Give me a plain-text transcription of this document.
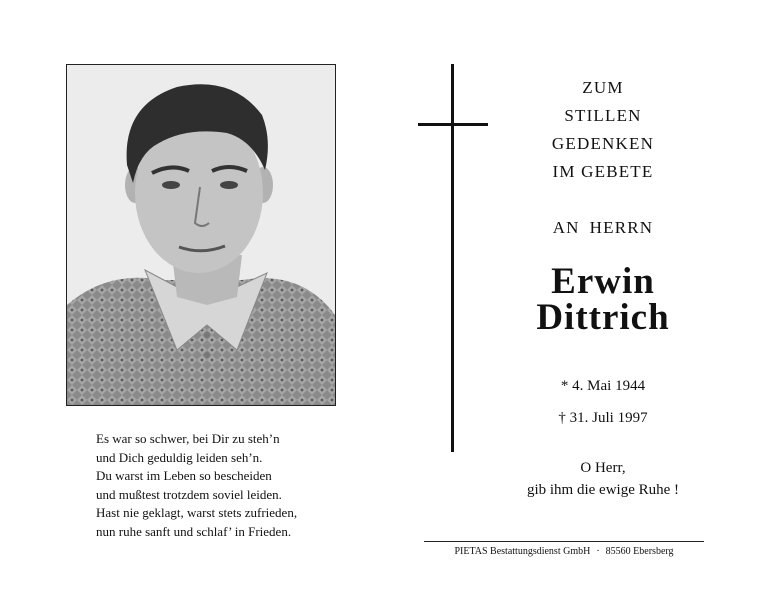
Es war so schwer, bei Dir zu steh’n
und Dich geduldig leiden seh’n.
Du warst im Leben so bescheiden
und mußtest trotzdem soviel leiden.
Hast nie geklagt, warst stets zufrieden,
nun ruhe sanft und schlaf’ in Frieden.
ZUM
STILLEN
GEDENKEN
IM GEBETE
AN HERRN
Erwin
Dittrich
* 4. Mai 1944
† 31. Juli 1997
O Herr,
gib ihm die ewige Ruhe !
PIETAS Bestattungsdienst GmbH · 85560 Ebersberg
